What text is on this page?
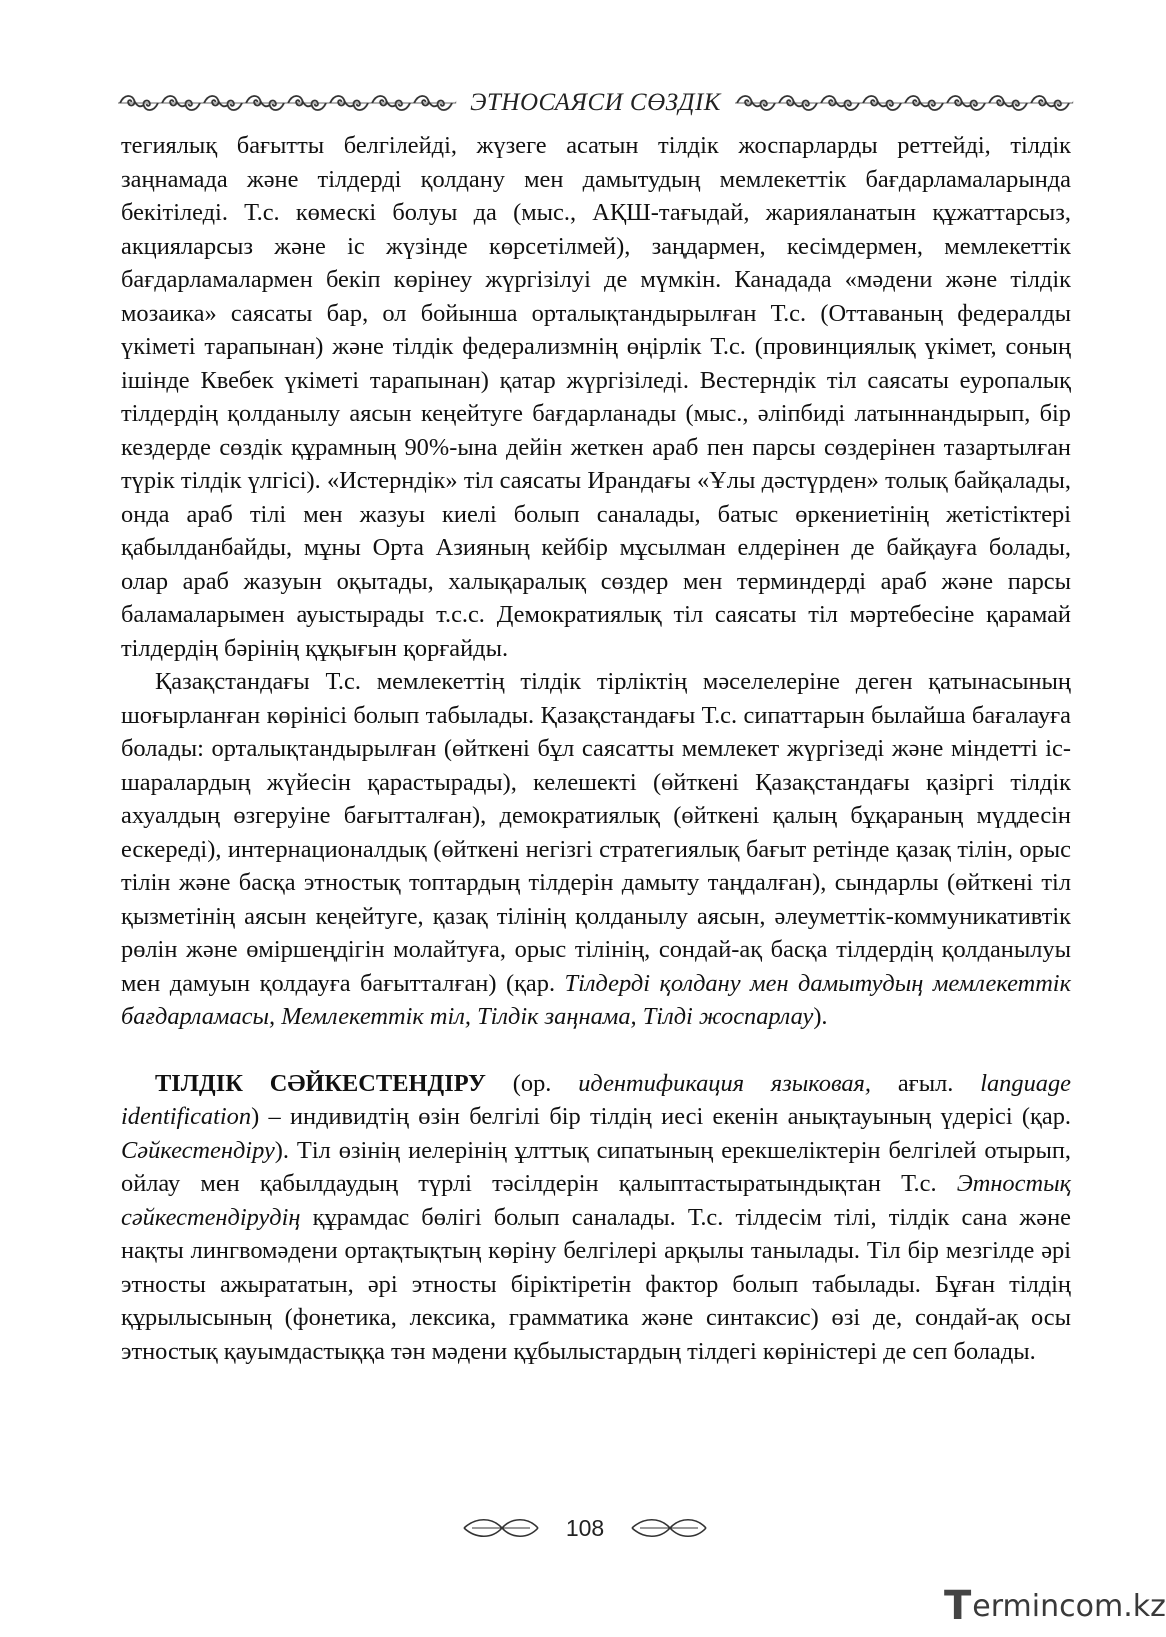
ЭТНОСАЯСИ СӨЗДІК

тегиялық бағытты белгілейді, жүзеге асатын тілдік жоспарларды реттейді, тілдік заңнамада және тілдерді қолдану мен дамытудың мемлекеттік бағдарламаларында бекітіледі. Т.с. көмескі болуы да (мыс., АҚШ-тағыдай, жарияланатын құжаттарсыз, акцияларсыз және іс жүзінде көрсетілмей), заңдармен, кесімдермен, мемлекеттік бағдарламалармен бекіп көрінеу жүргізілуі де мүмкін. Канадада «мәдени және тілдік мозаика» саясаты бар, ол бойынша орталықтандырылған Т.с. (Оттаваның федералды үкіметі тарапынан) және тілдік федерализмнің өңірлік Т.с. (провинциялық үкімет, соның ішінде Квебек үкіметі тарапынан) қатар жүргізіледі. Вестерндік тіл саясаты еуропалық тілдердің қолданылу аясын кеңейтуге бағдарланады (мыс., әліпбиді латыннандырып, бір кездерде сөздік құрамның 90%-ына дейін жеткен араб пен парсы сөздерінен тазартылған түрік тілдік үлгісі). «Истерндік» тіл саясаты Ирандағы «Ұлы дәстүрден» толық байқалады, онда араб тілі мен жазуы киелі болып саналады, батыс өркениетінің жетістіктері қабылданбайды, мұны Орта Азияның кейбір мұсылман елдерінен де байқауға болады, олар араб жазуын оқытады, халықаралық сөздер мен терминдерді араб және парсы баламаларымен ауыстырады т.с.с. Демократиялық тіл саясаты тіл мәртебесіне қарамай тілдердің бәрінің құқығын қорғайды.

Қазақстандағы Т.с. мемлекеттің тілдік тірліктің мәселелеріне деген қатынасының шоғырланған көрінісі болып табылады. Қазақстандағы Т.с. сипаттарын былайша бағалауға болады: орталықтандырылған (өйткені бұл саясатты мемлекет жүргізеді және міндетті іс-шаралардың жүйесін қарастырады), келешекті (өйткені Қазақстандағы қазіргі тілдік ахуалдың өзгеруіне бағытталған), демократиялық (өйткені қалың бұқараның мүддесін ескереді), интернационалдық (өйткені негізгі стратегиялық бағыт ретінде қазақ тілін, орыс тілін және басқа этностық топтардың тілдерін дамыту таңдалған), сындарлы (өйткені тіл қызметінің аясын кеңейтуге, қазақ тілінің қолданылу аясын, әлеуметтік-коммуникативтік рөлін және өміршеңдігін молайтуға, орыс тілінің, сондай-ақ басқа тілдердің қолданылуы мен дамуын қолдауға бағытталған) (қар. Тілдерді қолдану мен дамытудың мемлекеттік бағдарламасы, Мемлекеттік тіл, Тілдік заңнама, Тілді жоспарлау).

ТІЛДІК СӘЙКЕСТЕНДІРУ (ор. идентификация языковая, ағыл. language identification) – индивидтің өзін белгілі бір тілдің иесі екенін анықтауының үдерісі (қар. Сәйкестендіру). Тіл өзінің иелерінің ұлттық сипатының ерекшеліктерін белгілей отырып, ойлау мен қабылдаудың түрлі тәсілдерін қалыптастыратындықтан Т.с. Этностық сәйкестендірудің құрамдас бөлігі болып саналады. Т.с. тілдесім тілі, тілдік сана және нақты лингвомәдени ортақтықтың көріну белгілері арқылы танылады. Тіл бір мезгілде әрі этносты ажырататын, әрі этносты біріктіретін фактор болып табылады. Бұған тілдің құрылысының (фонетика, лексика, грамматика және синтаксис) өзі де, сондай-ақ осы этностық қауымдастыққа тән мәдени құбылыстардың тілдегі көріністері де сеп болады.

108
T erminc o m.kz
